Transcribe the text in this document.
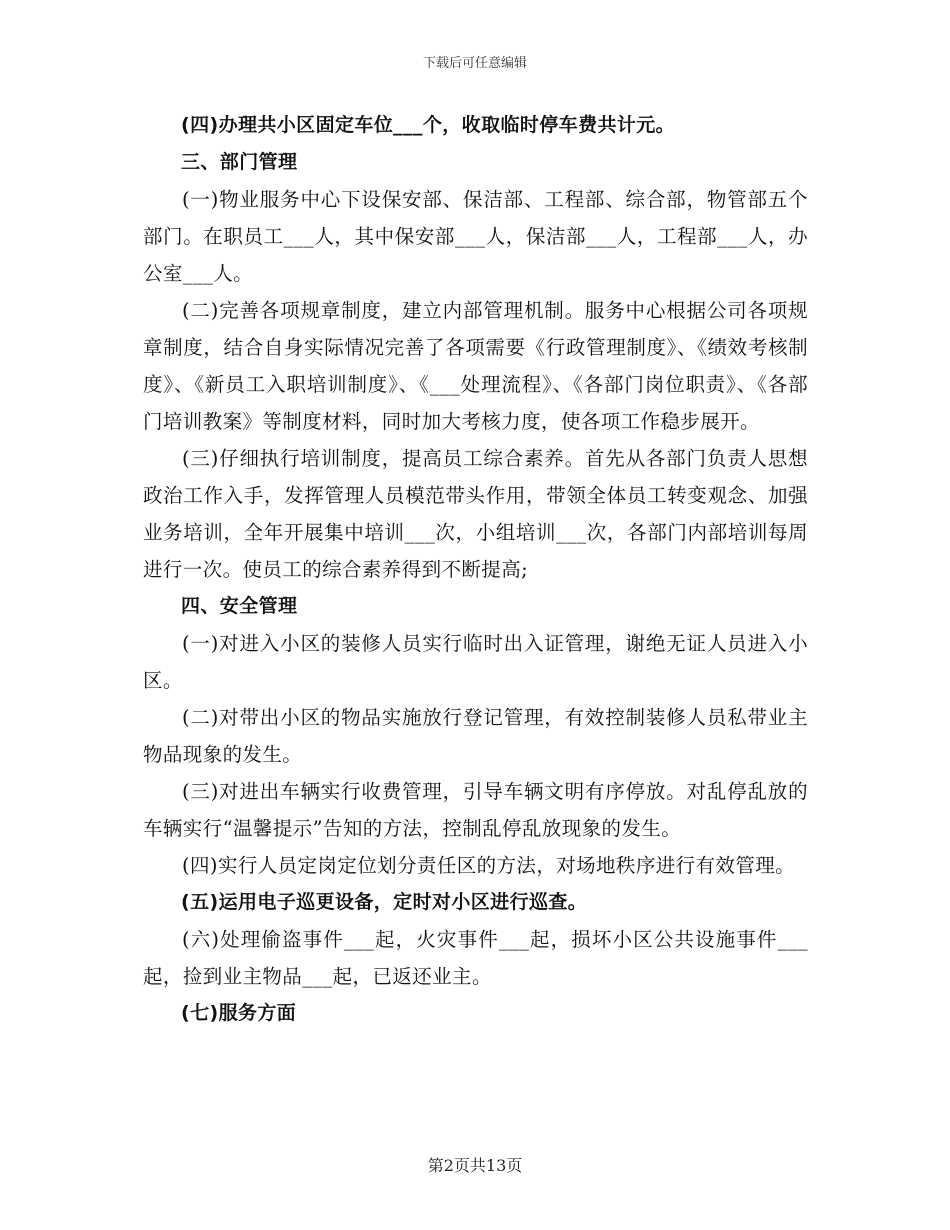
下载后可任意编辑

(四)办理共小区固定车位___个，收取临时停车费共计元。

三、部门管理

(一)物业服务中心下设保安部、保洁部、工程部、综合部，物管部五个部门。在职员工___人，其中保安部___人，保洁部___人，工程部___人，办公室___人。

(二)完善各项规章制度，建立内部管理机制。服务中心根据公司各项规章制度，结合自身实际情况完善了各项需要《行政管理制度》、《绩效考核制度》、《新员工入职培训制度》、《___处理流程》、《各部门岗位职责》、《各部门培训教案》等制度材料，同时加大考核力度，使各项工作稳步展开。

(三)仔细执行培训制度，提高员工综合素养。首先从各部门负责人思想政治工作入手，发挥管理人员模范带头作用，带领全体员工转变观念、加强业务培训，全年开展集中培训___次，小组培训___次，各部门内部培训每周进行一次。使员工的综合素养得到不断提高;

四、安全管理

(一)对进入小区的装修人员实行临时出入证管理，谢绝无证人员进入小区。

(二)对带出小区的物品实施放行登记管理，有效控制装修人员私带业主物品现象的发生。

(三)对进出车辆实行收费管理，引导车辆文明有序停放。对乱停乱放的车辆实行“温馨提示”告知的方法，控制乱停乱放现象的发生。

(四)实行人员定岗定位划分责任区的方法，对场地秩序进行有效管理。

(五)运用电子巡更设备，定时对小区进行巡查。

(六)处理偷盗事件___起，火灾事件___起，损坏小区公共设施事件___起，捡到业主物品___起，已返还业主。

(七)服务方面

第2页共13页
